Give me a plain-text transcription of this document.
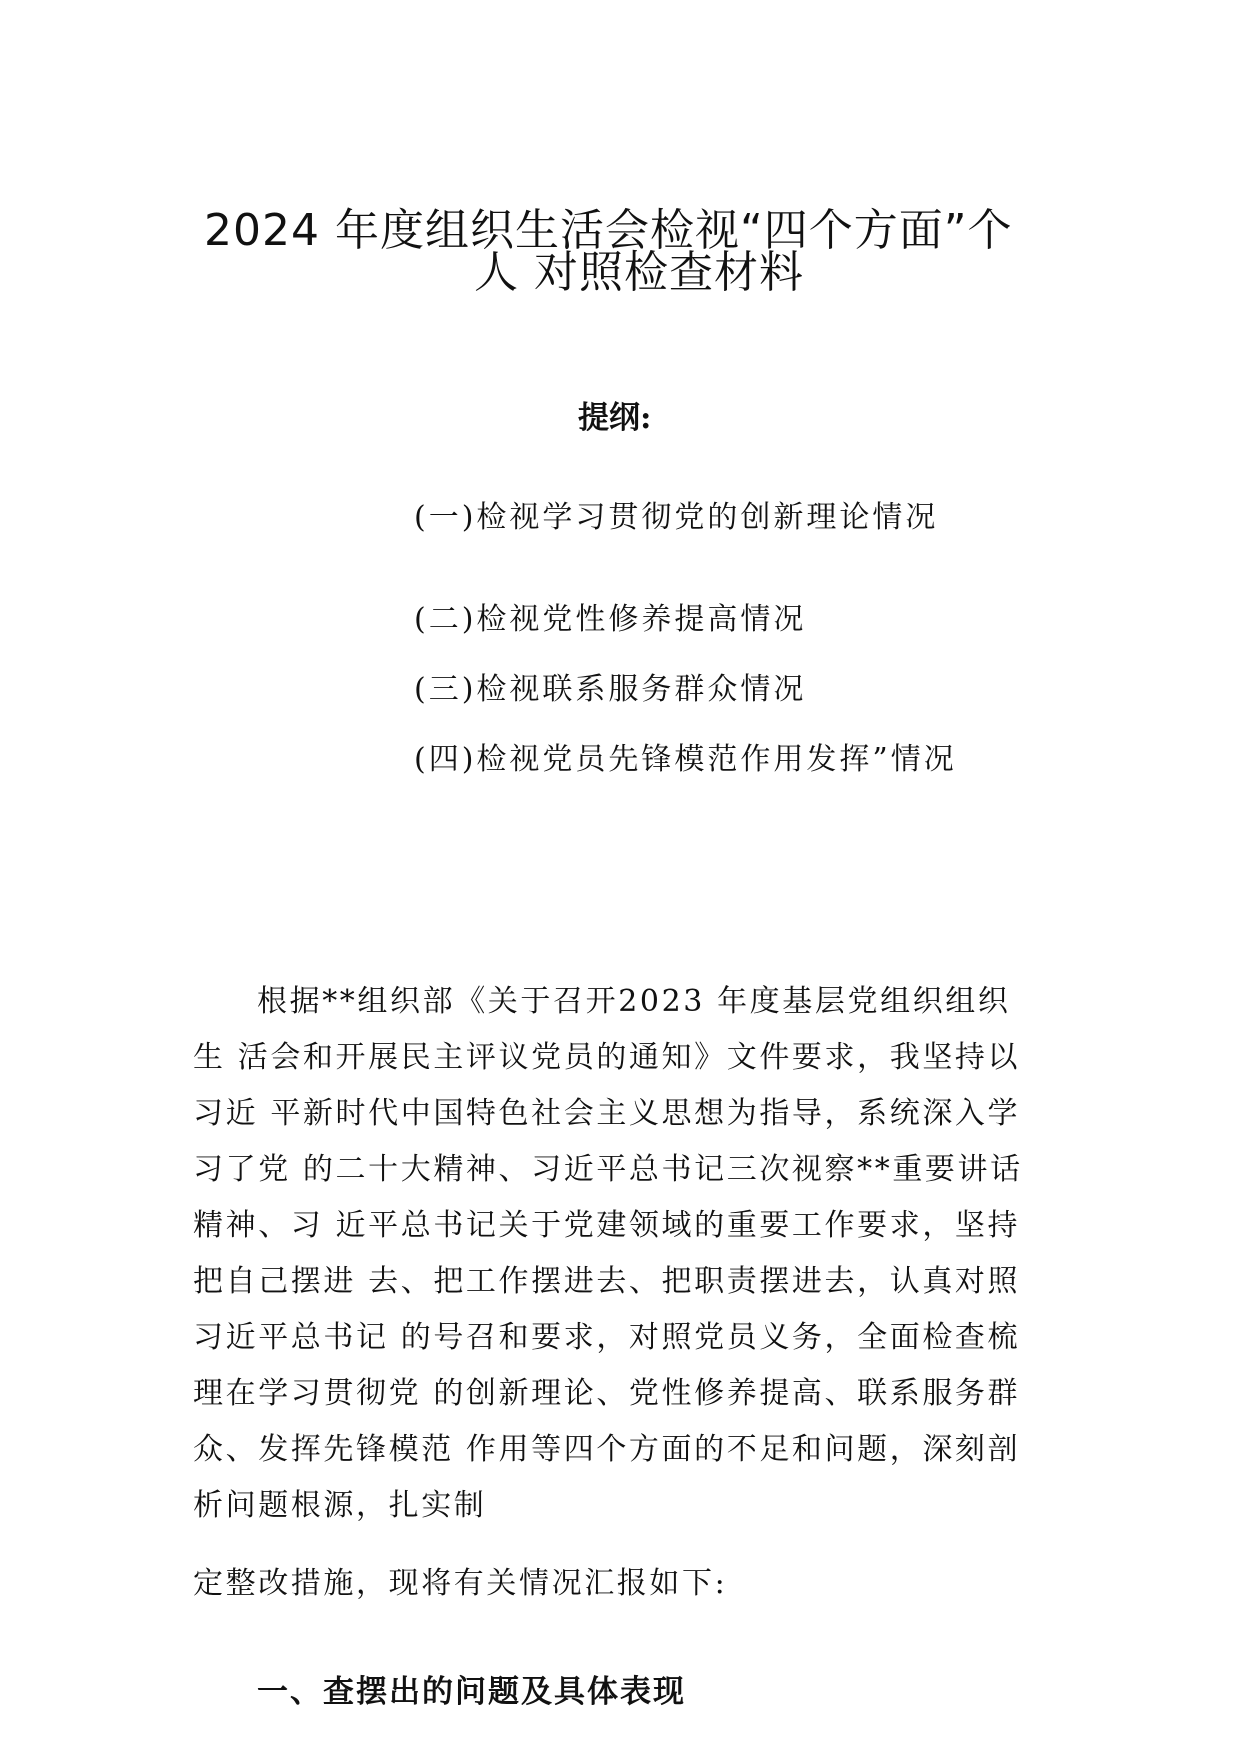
2024 年度组织生活会检视“四个方面”个
人 对照检查材料
提纲:
(一)检视学习贯彻党的创新理论情况
(二)检视党性修养提高情况
(三)检视联系服务群众情况
(四)检视党员先锋模范作用发挥”情况
根据**组织部《关于召开2023 年度基层党组织组织
生 活会和开展民主评议党员的通知》文件要求，我坚持以
习近 平新时代中国特色社会主义思想为指导，系统深入学
习了党 的二十大精神、习近平总书记三次视察**重要讲话
精神、习 近平总书记关于党建领域的重要工作要求，坚持
把自己摆进 去、把工作摆进去、把职责摆进去，认真对照
习近平总书记 的号召和要求，对照党员义务，全面检查梳
理在学习贯彻党 的创新理论、党性修养提高、联系服务群
众、发挥先锋模范 作用等四个方面的不足和问题，深刻剖
析问题根源，扎实制
定整改措施，现将有关情况汇报如下:
一、查摆出的问题及具体表现
